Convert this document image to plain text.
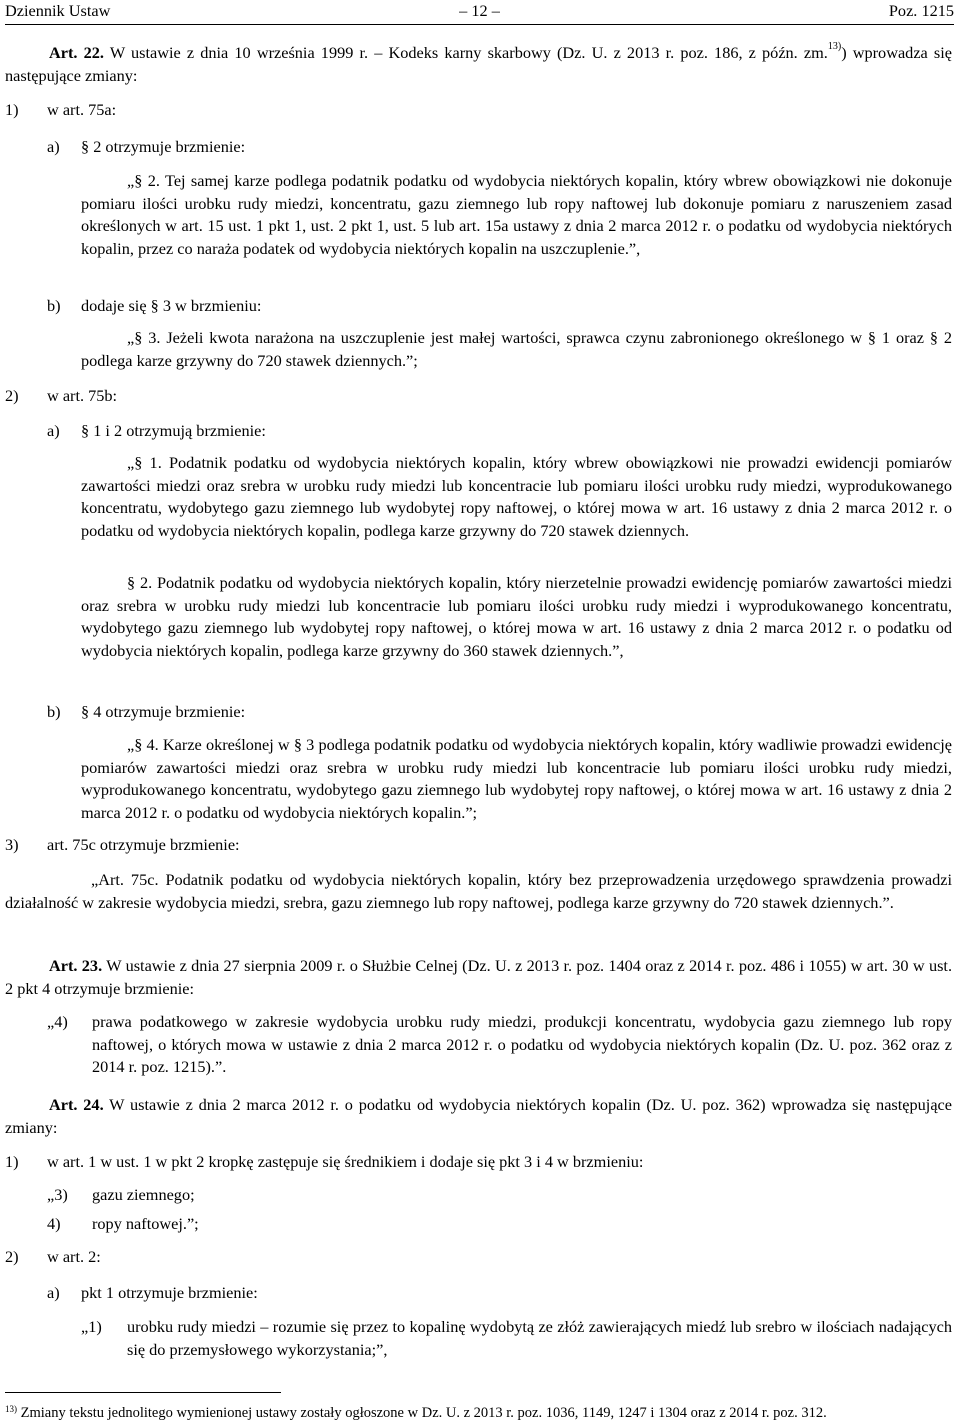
Dziennik Ustaw	– 12 –	Poz. 1215

Art. 22. W ustawie z dnia 10 września 1999 r. – Kodeks karny skarbowy (Dz. U. z 2013 r. poz. 186, z późn. zm.$^{13)}$) wprowadza się następujące zmiany:

1) w art. 75a:
a) § 2 otrzymuje brzmienie:

„§ 2. Tej samej karze podlega podatnik podatku od wydobycia niektórych kopalin, który wbrew obowiązkowi nie dokonuje pomiaru ilości urobku rudy miedzi, koncentratu, gazu ziemnego lub ropy naftowej lub dokonuje pomiaru z naruszeniem zasad określonych w art. 15 ust. 1 pkt 1, ust. 2 pkt 1, ust. 5 lub art. 15a ustawy z dnia 2 marca 2012 r. o podatku od wydobycia niektórych kopalin, przez co naraża podatek od wydobycia niektórych kopalin na uszczuplenie.”,

b) dodaje się § 3 w brzmieniu:

„§ 3. Jeżeli kwota narażona na uszczuplenie jest małej wartości, sprawca czynu zabronionego określonego w § 1 oraz § 2 podlega karze grzywny do 720 stawek dziennych.”;

2) w art. 75b:
a) § 1 i 2 otrzymują brzmienie:

„§ 1. Podatnik podatku od wydobycia niektórych kopalin, który wbrew obowiązkowi nie prowadzi ewidencji pomiarów zawartości miedzi oraz srebra w urobku rudy miedzi lub koncentracie lub pomiaru ilości urobku rudy miedzi, wyprodukowanego koncentratu, wydobytego gazu ziemnego lub wydobytej ropy naftowej, o której mowa w art. 16 ustawy z dnia 2 marca 2012 r. o podatku od wydobycia niektórych kopalin, podlega karze grzywny do 720 stawek dziennych.

§ 2. Podatnik podatku od wydobycia niektórych kopalin, który nierzetelnie prowadzi ewidencję pomiarów zawartości miedzi oraz srebra w urobku rudy miedzi lub koncentracie lub pomiaru ilości urobku rudy miedzi i wyprodukowanego koncentratu, wydobytego gazu ziemnego lub wydobytej ropy naftowej, o której mowa w art. 16 ustawy z dnia 2 marca 2012 r. o podatku od wydobycia niektórych kopalin, podlega karze grzywny do 360 stawek dziennych.”,

b) § 4 otrzymuje brzmienie:

„§ 4. Karze określonej w § 3 podlega podatnik podatku od wydobycia niektórych kopalin, który wadliwie prowadzi ewidencję pomiarów zawartości miedzi oraz srebra w urobku rudy miedzi lub koncentracie lub pomiaru ilości urobku rudy miedzi, wyprodukowanego koncentratu, wydobytego gazu ziemnego lub wydobytej ropy naftowej, o której mowa w art. 16 ustawy z dnia 2 marca 2012 r. o podatku od wydobycia niektórych kopalin.”;

3) art. 75c otrzymuje brzmienie:

„Art. 75c. Podatnik podatku od wydobycia niektórych kopalin, który bez przeprowadzenia urzędowego sprawdzenia prowadzi działalność w zakresie wydobycia miedzi, srebra, gazu ziemnego lub ropy naftowej, podlega karze grzywny do 720 stawek dziennych.”.

Art. 23. W ustawie z dnia 27 sierpnia 2009 r. o Służbie Celnej (Dz. U. z 2013 r. poz. 1404 oraz z 2014 r. poz. 486 i 1055) w art. 30 w ust. 2 pkt 4 otrzymuje brzmienie:

„4) prawa podatkowego w zakresie wydobycia urobku rudy miedzi, produkcji koncentratu, wydobycia gazu ziemnego lub ropy naftowej, o których mowa w ustawie z dnia 2 marca 2012 r. o podatku od wydobycia niektórych kopalin (Dz. U. poz. 362 oraz z 2014 r. poz. 1215).”.

Art. 24. W ustawie z dnia 2 marca 2012 r. o podatku od wydobycia niektórych kopalin (Dz. U. poz. 362) wprowadza się następujące zmiany:

1) w art. 1 w ust. 1 w pkt 2 kropkę zastępuje się średnikiem i dodaje się pkt 3 i 4 w brzmieniu:
„3) gazu ziemnego;
4) ropy naftowej.”;
2) w art. 2:
a) pkt 1 otrzymuje brzmienie:
„1) urobku rudy miedzi – rozumie się przez to kopalinę wydobytą ze złóż zawierających miedź lub srebro w ilościach nadających się do przemysłowego wykorzystania;”,

$^{13)}$ Zmiany tekstu jednolitego wymienionej ustawy zostały ogłoszone w Dz. U. z 2013 r. poz. 1036, 1149, 1247 i 1304 oraz z 2014 r. poz. 312.
